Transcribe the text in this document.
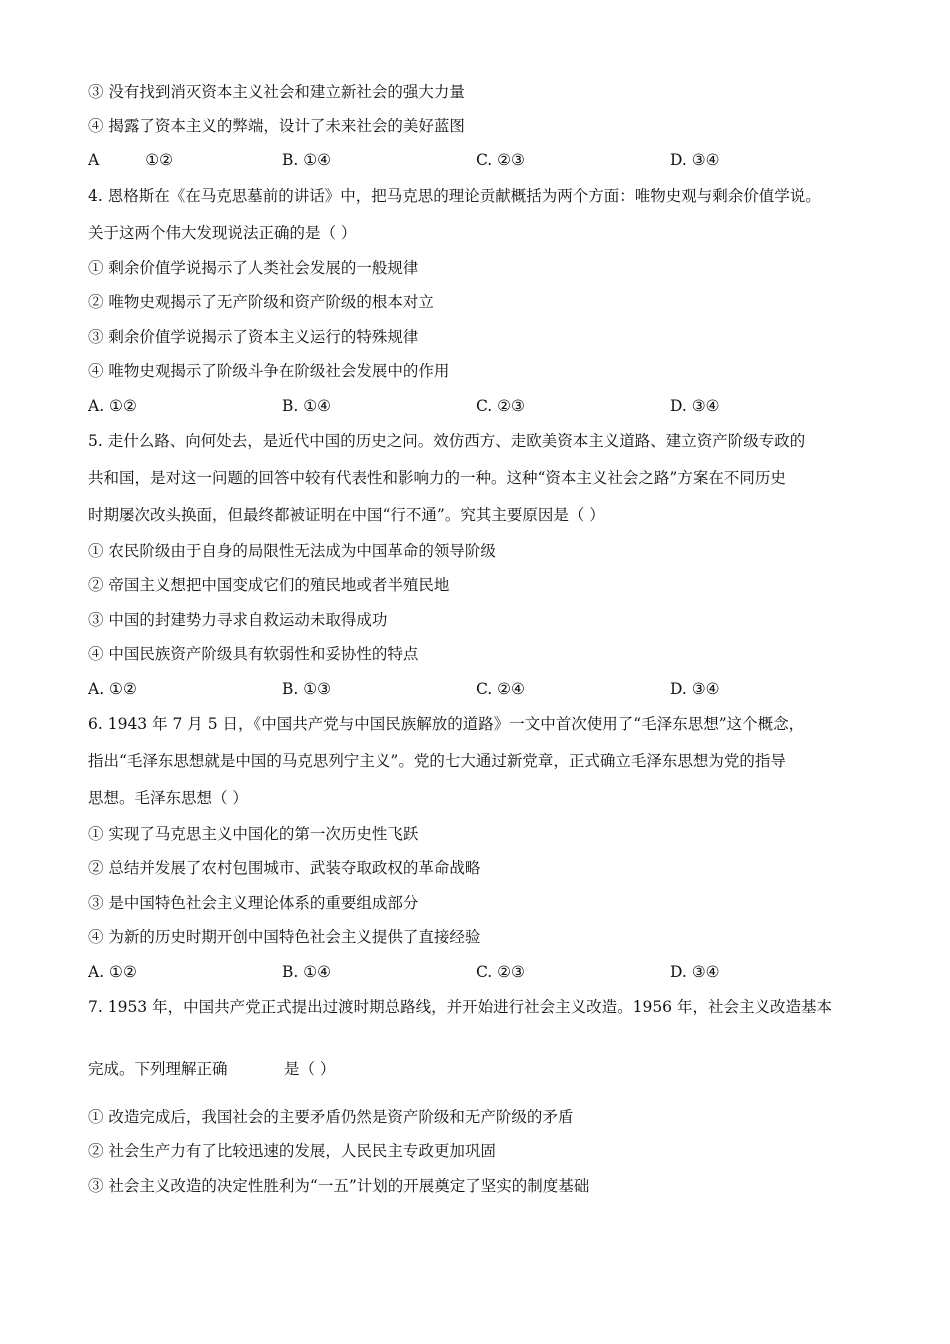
③ 没有找到消灭资本主义社会和建立新社会的强大力量
④ 揭露了资本主义的弊端，设计了未来社会的美好蓝图
A	①②	B. ①④	C. ②③	D. ③④
4. 恩格斯在《在马克思墓前的讲话》中，把马克思的理论贡献概括为两个方面：唯物史观与剩余价值学说。
关于这两个伟大发现说法正确的是（ ）
① 剩余价值学说揭示了人类社会发展的一般规律
② 唯物史观揭示了无产阶级和资产阶级的根本对立
③ 剩余价值学说揭示了资本主义运行的特殊规律
④ 唯物史观揭示了阶级斗争在阶级社会发展中的作用
A. ①②	B. ①④	C. ②③	D. ③④
5. 走什么路、向何处去，是近代中国的历史之问。效仿西方、走欧美资本主义道路、建立资产阶级专政的
共和国，是对这一问题的回答中较有代表性和影响力的一种。这种“资本主义社会之路”方案在不同历史
时期屡次改头换面，但最终都被证明在中国“行不通”。究其主要原因是（ ）
① 农民阶级由于自身的局限性无法成为中国革命的领导阶级
② 帝国主义想把中国变成它们的殖民地或者半殖民地
③ 中国的封建势力寻求自救运动未取得成功
④ 中国民族资产阶级具有软弱性和妥协性的特点
A. ①②	B. ①③	C. ②④	D. ③④
6. 1943 年 7 月 5 日，《中国共产党与中国民族解放的道路》一文中首次使用了“毛泽东思想”这个概念，
指出“毛泽东思想就是中国的马克思列宁主义”。党的七大通过新党章，正式确立毛泽东思想为党的指导
思想。毛泽东思想（ ）
① 实现了马克思主义中国化的第一次历史性飞跃
② 总结并发展了农村包围城市、武装夺取政权的革命战略
③ 是中国特色社会主义理论体系的重要组成部分
④ 为新的历史时期开创中国特色社会主义提供了直接经验
A. ①②	B. ①④	C. ②③	D. ③④
7. 1953 年，中国共产党正式提出过渡时期总路线，并开始进行社会主义改造。1956 年，社会主义改造基本
完成。下列理解正确	是（ ）
① 改造完成后，我国社会的主要矛盾仍然是资产阶级和无产阶级的矛盾
② 社会生产力有了比较迅速的发展，人民民主专政更加巩固
③ 社会主义改造的决定性胜利为“一五”计划的开展奠定了坚实的制度基础
